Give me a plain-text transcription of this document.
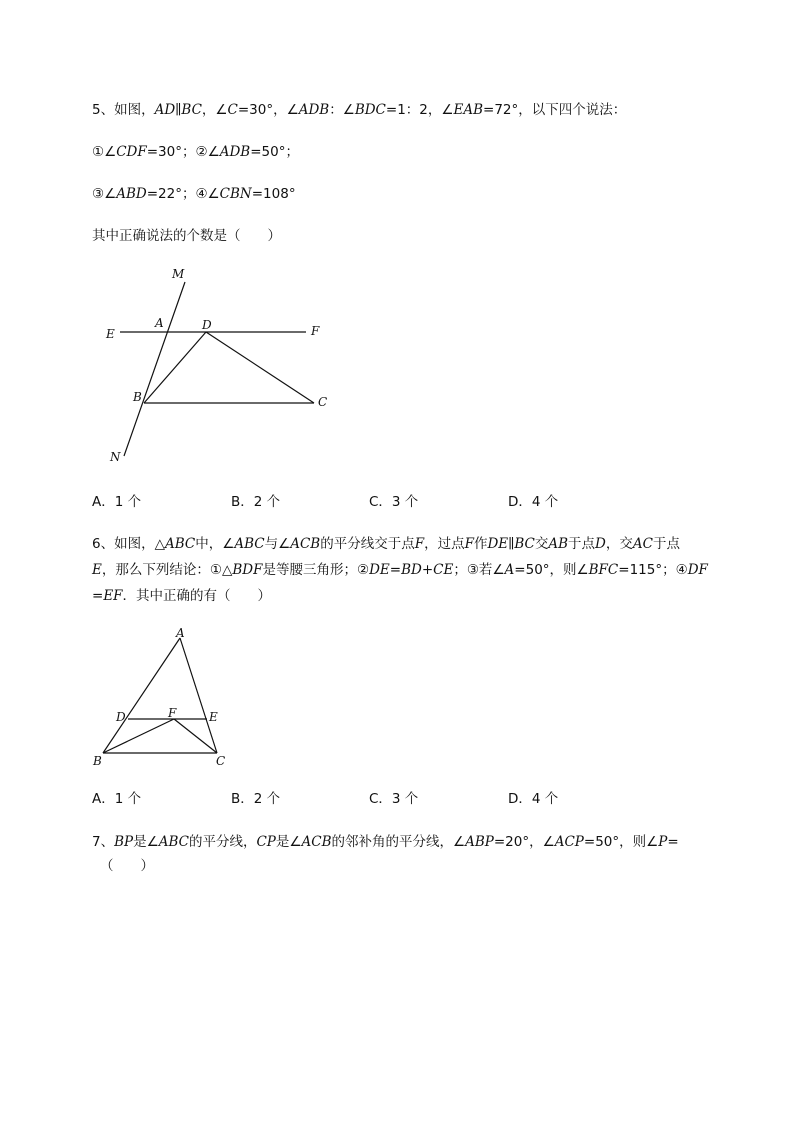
5、如图，AD∥BC，∠C=30°，∠ADB：∠BDC=1：2，∠EAB=72°，以下四个说法：
①∠CDF=30°；②∠ADB=50°；
③∠ABD=22°；④∠CBN=108°
其中正确说法的个数是（　　）
M
A	D
E	F
B	C
N
A．1 个	B．2 个	C．3 个	D．4 个
6、如图，△ABC中，∠ABC与∠ACB的平分线交于点F，过点F作DE∥BC交AB于点D，交AC于点
E，那么下列结论：①△BDF是等腰三角形；②DE=BD+CE；③若∠A=50°，则∠BFC=115°；④DF
=EF．其中正确的有（　　）
A
D	F	E
B	C
A．1 个	B．2 个	C．3 个	D．4 个
7、BP是∠ABC的平分线，CP是∠ACB的邻补角的平分线，∠ABP=20°，∠ACP=50°，则∠P=
（　　）
